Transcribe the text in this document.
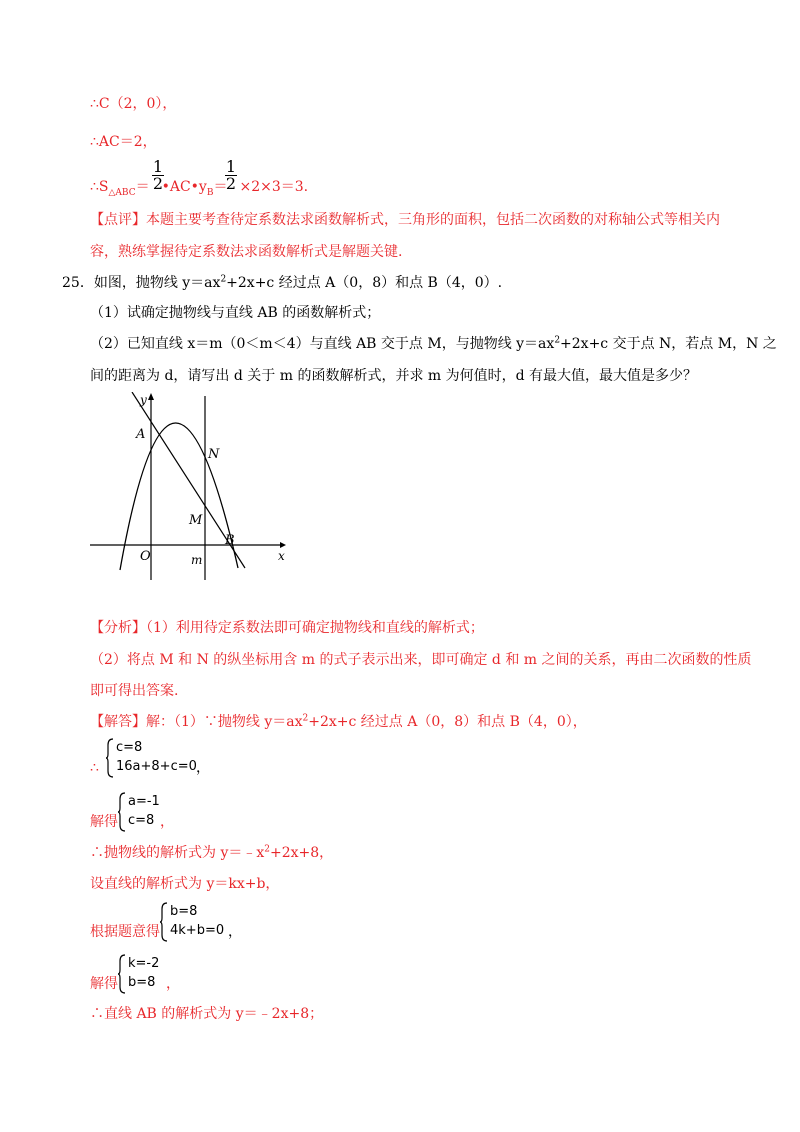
∴C（2，0），
∴AC＝2，
1
2
1
2
$\therefore S_{\triangle ABC}=$ $•AC•y_B= \times 2\times 3=3$.
【点评】本题主要考查待定系数法求函数解析式，三角形的面积，包括二次函数的对称轴公式等相关内
容，熟练掌握待定系数法求函数解析式是解题关键.
25．如图，抛物线 $y=ax^2+2x+c$ 经过点 A（0，8）和点 B（4，0）.
（1）试确定抛物线与直线 AB 的函数解析式；
（2）已知直线 x＝m（0＜m＜4）与直线 AB 交于点 M，与抛物线 $y=ax^2+2x+c$ 交于点 N，若点 M，N 之
间的距离为 d，请写出 d 关于 m 的函数解析式，并求 m 为何值时，d 有最大值，最大值是多少？
y
x
A
N
M
B
O	m
【分析】（1）利用待定系数法即可确定抛物线和直线的解析式；
（2）将点 M 和 N 的纵坐标用含 m 的式子表示出来，即可确定 d 和 m 之间的关系，再由二次函数的性质
即可得出答案.
【解答】解：（1）∵抛物线 $y=ax^2+2x+c$ 经过点 A（0，8）和点 B（4，0），
∴
c=8
16a+8+c=0 ，
解得
a=-1
c=8 ，
∴抛物线的解析式为 $y=﹣x^2+2x+8$，
设直线的解析式为 y＝kx+b，
根据题意得
b=8
4k+b=0 ，
解得
k=-2
b=8 ，
∴直线 AB 的解析式为 y＝﹣2x+8；
